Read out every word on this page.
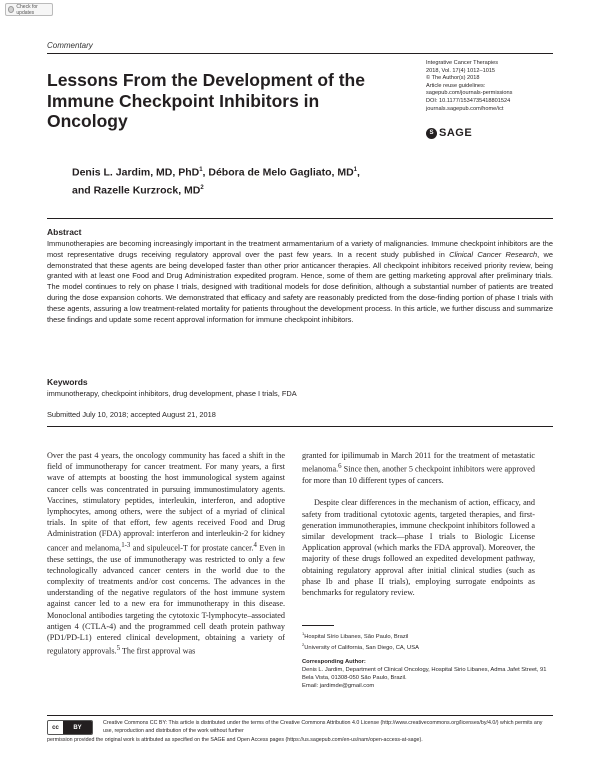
Check for updates
Commentary
Lessons From the Development of the Immune Checkpoint Inhibitors in Oncology
Integrative Cancer Therapies
2018, Vol. 17(4) 1012–1015
© The Author(s) 2018
Article reuse guidelines:
sagepub.com/journals-permissions
DOI: 10.1177/1534735418801524
journals.sagepub.com/home/ict
S SAGE
Denis L. Jardim, MD, PhD$^1$, Débora de Melo Gagliato, $MD^1$,
and Razelle Kurzrock, $MD^2$
Abstract
Immunotherapies are becoming increasingly important in the treatment armamentarium of a variety of malignancies. Immune checkpoint inhibitors are the most representative drugs receiving regulatory approval over the past few years. In a recent study published in Clinical Cancer Research, we demonstrated that these agents are being developed faster than other prior anticancer therapies. All checkpoint inhibitors received priority review, being granted with at least one Food and Drug Administration expedited program. Hence, some of them are getting marketing approval after preliminary trials. The model continues to rely on phase I trials, designed with traditional models for dose definition, although a substantial number of patients are treated during the dose expansion cohorts. We demonstrated that efficacy and safety are reasonably predicted from the dose-finding portion of phase I trials with these agents, assuring a low treatment-related mortality for patients throughout the development process. In this article, we further discuss and summarize these findings and update some recent approval information for immune checkpoint inhibitors.
Keywords
immunotherapy, checkpoint inhibitors, drug development, phase I trials, FDA
Submitted July 10, 2018; accepted August 21, 2018

Over the past 4 years, the oncology community has faced a shift in the field of immunotherapy for cancer treatment. For many years, a first wave of attempts at boosting the host immunological system against cancer cells was concentrated in pursuing immunostimulatory agents. Vaccines, stimulatory peptides, interleukin, interferon, and adoptive lymphocytes, among others, were the subject of a myriad of clinical trials. In spite of that effort, few agents received Food and Drug Administration (FDA) approval: interferon and interleukin-2 for kidney cancer and melanoma,$^{1-3}$ and sipuleucel-T for prostate cancer.$^4$ Even in these settings, the use of immunotherapy was restricted to only a few technologically advanced cancer centers in the world due to the complexity of treatments and/or cost concerns. The advances in the understanding of the negative regulators of the host immune system against cancer led to a new era for immunotherapy in this disease. Monoclonal antibodies targeting the cytotoxic T-lymphocyte–associated antigen 4 (CTLA-4) and the programmed cell death protein pathway (PD1/PD-L1) entered clinical development, obtaining a variety of regulatory approvals.$^5$ The first approval was

granted for ipilimumab in March 2011 for the treatment of metastatic melanoma.$^6$ Since then, another 5 checkpoint inhibitors were approved for more than 10 different types of cancers.

Despite clear differences in the mechanism of action, efficacy, and safety from traditional cytotoxic agents, targeted therapies, and first-generation immunotherapies, immune checkpoint inhibitors followed a similar development track—phase I trials to Biologic License Application approval (which marks the FDA approval). Moreover, the majority of these drugs followed an expedited development pathway, obtaining regulatory approval after initial clinical studies (such as phase Ib and phase II trials), employing surrogate endpoints as benchmarks for regulatory review.

$^1$Hospital Sírio Libanes, São Paulo, Brazil
$^2$University of California, San Diego, CA, USA
Corresponding Author:
Denis L. Jardim, Department of Clinical Oncology, Hospital Sirio Libanes, Adma Jafet Street, 91 Bela Vista, 01308-050 São Paulo, Brazil.
Email: jardimde@gmail.com
cc	BY
Creative Commons CC BY: This article is distributed under the terms of the Creative Commons Attribution 4.0 License (http://www.creativecommons.org/licenses/by/4.0/) which permits any use, reproduction and distribution of the work without further
permission provided the original work is attributed as specified on the SAGE and Open Access pages (https://us.sagepub.com/en-us/nam/open-access-at-sage).
